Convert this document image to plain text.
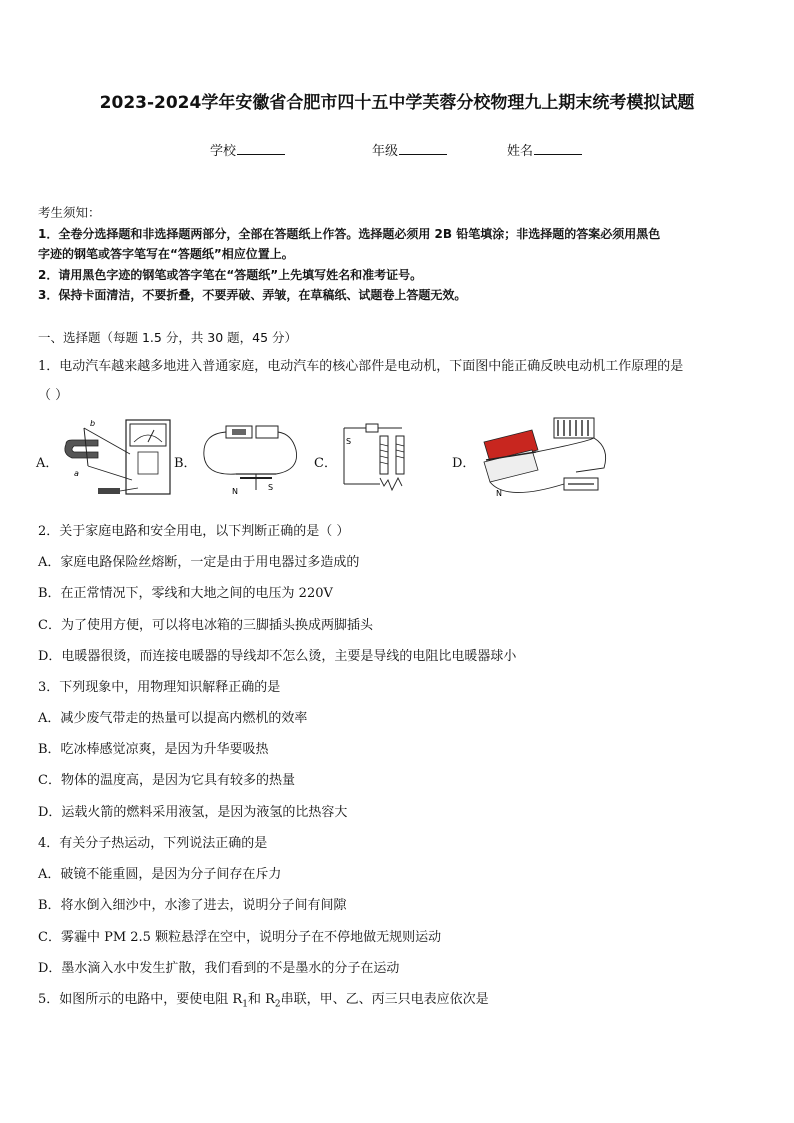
2023-2024学年安徽省合肥市四十五中学芙蓉分校物理九上期末统考模拟试题
学校	年级	姓名
考生须知：
1．全卷分选择题和非选择题两部分，全部在答题纸上作答。选择题必须用 2B 铅笔填涂；非选择题的答案必须用黑色
字迹的钢笔或答字笔写在“答题纸”相应位置上。
2．请用黑色字迹的钢笔或答字笔在“答题纸”上先填写姓名和准考证号。
3．保持卡面清洁，不要折叠，不要弄破、弄皱，在草稿纸、试题卷上答题无效。
一、选择题（每题 1.5 分，共 30 题，45 分）
1．电动汽车越来越多地进入普通家庭，电动汽车的核心部件是电动机，下面图中能正确反映电动机工作原理的是
（ ）
A．
b
a
B．
N	S
C．
S
D．
N
2．关于家庭电路和安全用电，以下判断正确的是（ ）
A．家庭电路保险丝熔断，一定是由于用电器过多造成的
B．在正常情况下，零线和大地之间的电压为 220V
C．为了使用方便，可以将电冰箱的三脚插头换成两脚插头
D．电暖器很烫，而连接电暖器的导线却不怎么烫，主要是导线的电阻比电暖器球小
3．下列现象中，用物理知识解释正确的是
A．减少废气带走的热量可以提高内燃机的效率
B．吃冰棒感觉凉爽，是因为升华要吸热
C．物体的温度高，是因为它具有较多的热量
D．运载火箭的燃料采用液氢，是因为液氢的比热容大
4．有关分子热运动，下列说法正确的是
A．破镜不能重圆，是因为分子间存在斥力
B．将水倒入细沙中，水渗了进去，说明分子间有间隙
C．雾霾中 PM 2.5 颗粒悬浮在空中，说明分子在不停地做无规则运动
D．墨水滴入水中发生扩散，我们看到的不是墨水的分子在运动
5．如图所示的电路中，要使电阻 $R_1$和 $R_2$串联，甲、乙、丙三只电表应依次是
